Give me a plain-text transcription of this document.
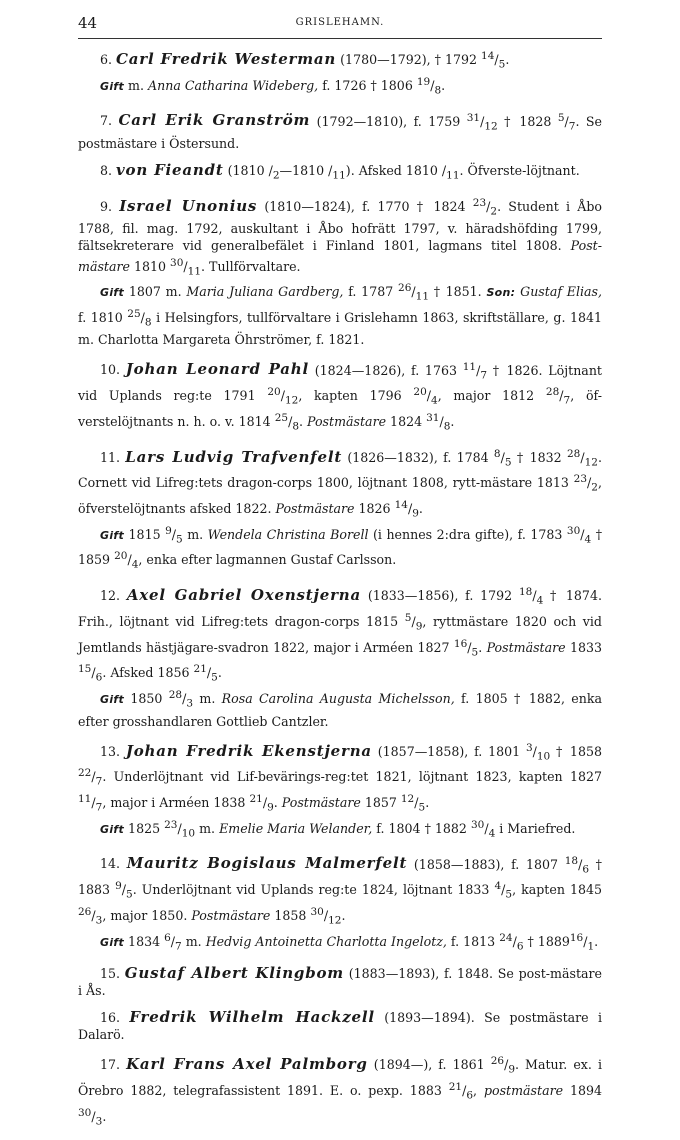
44	GRISLEHAMN.

6. Carl Fredrik Westerman (1780—1792), † 1792 $^{14}/_5$.

Gift m. Anna Catharina Wideberg, f. 1726 † 1806 $^{19}/_8$.

7. Carl Erik Granström (1792—1810), f. 1759 $^{31}/_{12}$ † 1828 $^5/_7$. Se postmästare i Östersund.

8. von Fieandt (1810 $/_2—1810$ $/_{11}$). Afsked 1810 $/_{11}$. Öfverste-löjtnant.

9. Israel Unonius (1810—1824), f. 1770 † 1824 $^{23}/_2$. Student i Åbo 1788, fil. mag. 1792, auskultant i Åbo hofrätt 1797, v. häradshöfding 1799, fältsekreterare vid generalbefälet i Finland 1801, lagmans titel 1808. Post-mästare 1810 $^{30}/_{11}$. Tullförvaltare.

Gift 1807 m. Maria Juliana Gardberg, f. 1787 $^{26}/_{11}$ † 1851. Son: Gustaf Elias, f. 1810 $^{25}/_8$ i Helsingfors, tullförvaltare i Grislehamn 1863, skriftställare, g. 1841 m. Charlotta Margareta Öhrströmer, f. 1821.

10. Johan Leonard Pahl (1824—1826), f. 1763 $^{11}/_7$ † 1826. Löjtnant vid Uplands reg:te 1791 $^{20}/_{12}$, kapten 1796 $^{20}/_4$, major 1812 $^{28}/_7$, öf-verstelöjtnants n. h. o. v. 1814 $^{25}/_8$. Postmästare 1824 $^{31}/_8$.

11. Lars Ludvig Trafvenfelt (1826—1832), f. 1784 $^8/_5$ † 1832 $^{28}/_{12}$. Cornett vid Lifreg:tets dragon-corps 1800, löjtnant 1808, rytt-mästare 1813 $^{23}/_2$, öfverstelöjtnants afsked 1822. Postmästare 1826 $^{14}/_9$.

Gift 1815 $^9/_5$ m. Wendela Christina Borell (i hennes 2:dra gifte), f. 1783 $^{30}/_4$ † 1859 $^{20}/_4$, enka efter lagmannen Gustaf Carlsson.

12. Axel Gabriel Oxenstjerna (1833—1856), f. 1792 $^{18}/_4$ † 1874. Frih., löjtnant vid Lifreg:tets dragon-corps 1815 $^5/_9$, ryttmästare 1820 och vid Jemtlands hästjägare-svadron 1822, major i Arméen 1827 $^{16}/_5$. Postmästare 1833 $^{15}/_6$. Afsked 1856 $^{21}/_5$.

Gift 1850 $^{28}/_3$ m. Rosa Carolina Augusta Michelsson, f. 1805 † 1882, enka efter grosshandlaren Gottlieb Cantzler.

13. Johan Fredrik Ekenstjerna (1857—1858), f. 1801 $^3/_{10}$ † 1858 $^{22}/_7$. Underlöjtnant vid Lif-bevärings-reg:tet 1821, löjtnant 1823, kapten 1827 $^{11}/_7$, major i Arméen 1838 $^{21}/_9$. Postmästare 1857 $^{12}/_5$.

Gift 1825 $^{23}/_{10}$ m. Emelie Maria Welander, f. 1804 † 1882 $^{30}/_4$ i Mariefred.

14. Mauritz Bogislaus Malmerfelt (1858—1883), f. 1807 $^{18}/_6$ † 1883 $^9/_5$. Underlöjtnant vid Uplands reg:te 1824, löjtnant 1833 $^4/_5$, kapten 1845 $^{26}/_3$, major 1850. Postmästare 1858 $^{30}/_{12}$.

Gift 1834 $^6/_7$ m. Hedvig Antoinetta Charlotta Ingelotz, f. 1813 $^{24}/_6$ † $1889^{16}/_1$.

15. Gustaf Albert Klingbom (1883—1893), f. 1848. Se post-mästare i Ås.

16. Fredrik Wilhelm Hackzell (1893—1894). Se postmästare i Dalarö.

17. Karl Frans Axel Palmborg (1894—), f. 1861 $^{26}/_9$. Matur. ex. i Örebro 1882, telegrafassistent 1891. E. o. pexp. 1883 $^{21}/_6$, postmästare 1894 $^{30}/_3$.
